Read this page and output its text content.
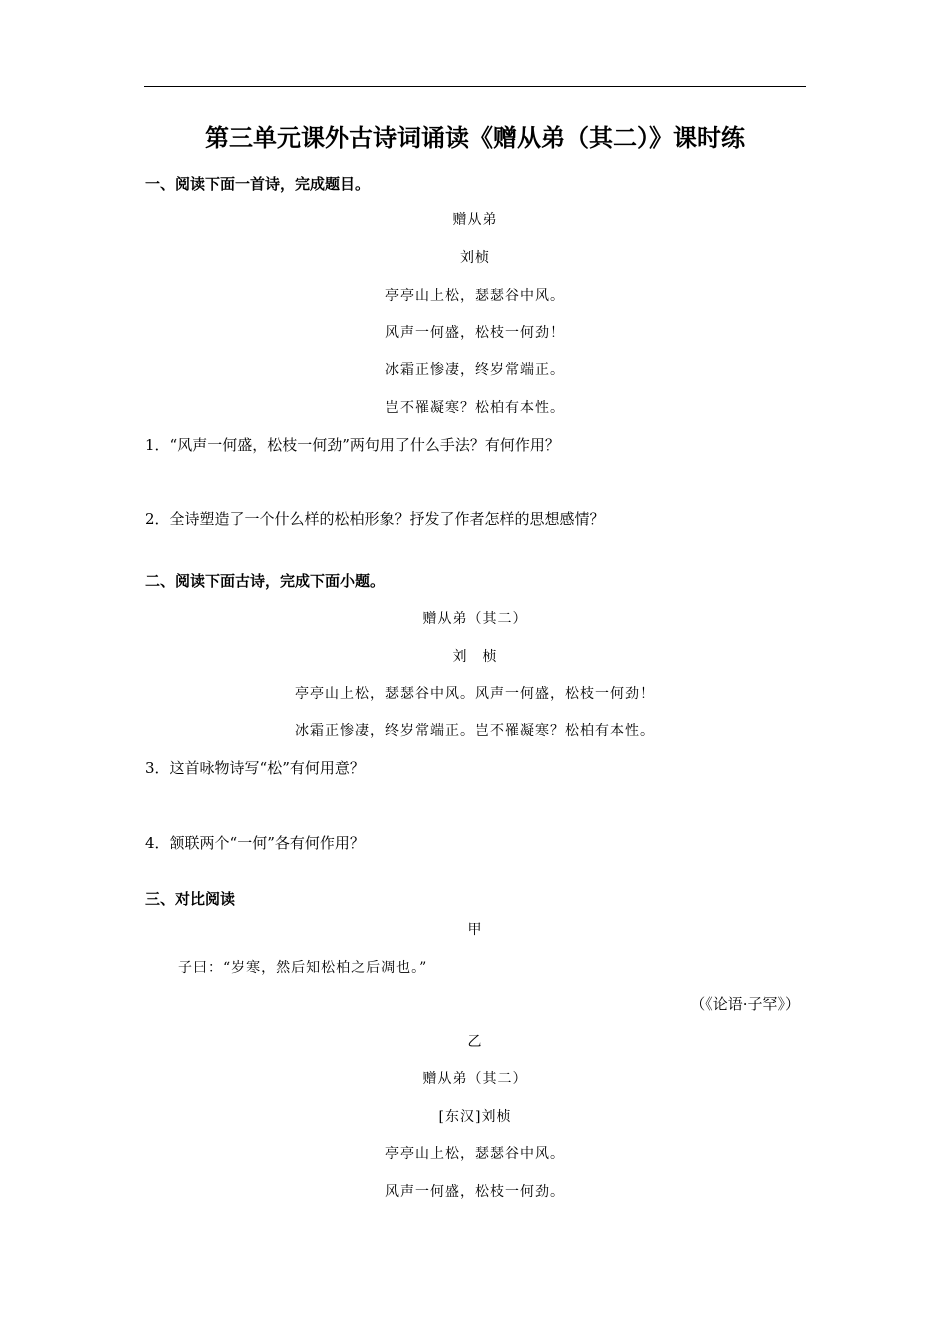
第三单元课外古诗词诵读《赠从弟（其二）》课时练
一、阅读下面一首诗，完成题目。
赠从弟
刘桢
亭亭山上松，瑟瑟谷中风。
风声一何盛，松枝一何劲！
冰霜正惨凄，终岁常端正。
岂不罹凝寒？松柏有本性。
1．“风声一何盛，松枝一何劲”两句用了什么手法？有何作用？
2．全诗塑造了一个什么样的松柏形象？抒发了作者怎样的思想感情？
二、阅读下面古诗，完成下面小题。
赠从弟（其二）
刘　桢
亭亭山上松，瑟瑟谷中风。风声一何盛，松枝一何劲！
冰霜正惨凄，终岁常端正。岂不罹凝寒？松柏有本性。
3．这首咏物诗写“松”有何用意？
4．颔联两个“一何”各有何作用？
三、对比阅读
甲
子曰：“岁寒，然后知松柏之后凋也。”
（《论语·子罕》）
乙
赠从弟（其二）
[东汉]刘桢
亭亭山上松，瑟瑟谷中风。
风声一何盛，松枝一何劲。
